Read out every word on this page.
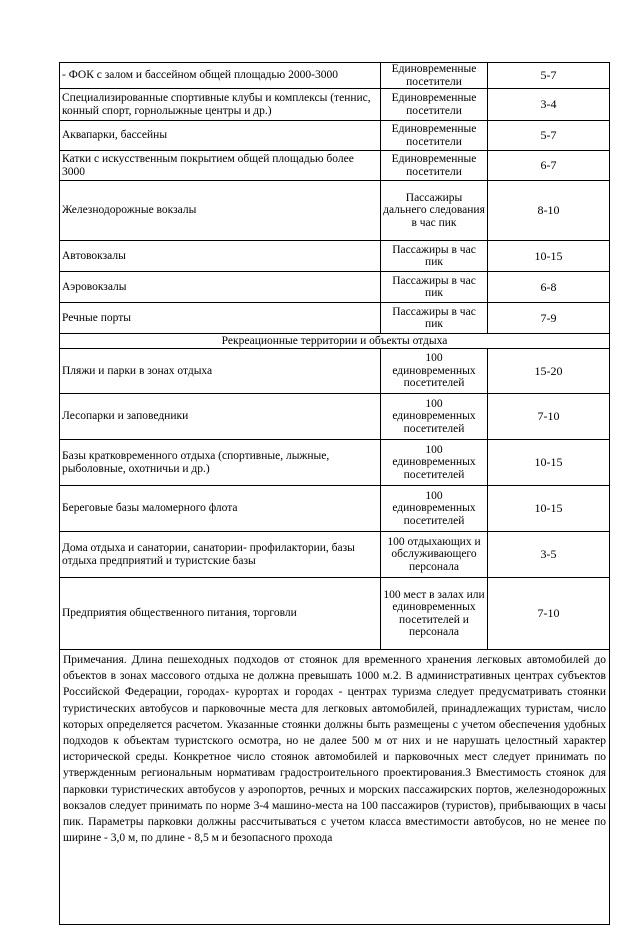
- ФОК с залом и бассейном общей площадью 2000-3000	Единовременные посетители	5-7
Специализированные спортивные клубы и комплексы (теннис, конный спорт, горнолыжные центры и др.)	Единовременные посетители	3-4
Аквапарки, бассейны	Единовременные посетители	5-7
Катки с искусственным покрытием общей площадью более 3000	Единовременные посетители	6-7
Железнодорожные вокзалы	Пассажиры дальнего следования в час пик	8-10
Автовокзалы	Пассажиры в час пик	10-15
Аэровокзалы	Пассажиры в час пик	6-8
Речные порты	Пассажиры в час пик	7-9
Рекреационные территории и объекты отдыха		
Пляжи и парки в зонах отдыха	100 единовременных посетителей	15-20
Лесопарки и заповедники	100 единовременных посетителей	7-10
Базы кратковременного отдыха (спортивные, лыжные, рыболовные, охотничьи и др.)	100 единовременных посетителей	10-15
Береговые базы маломерного флота	100 единовременных посетителей	10-15
Дома отдыха и санатории, санатории- профилактории, базы отдыха предприятий и туристские базы	100 отдыхающих и обслуживающего персонала	3-5
Предприятия общественного питания, торговли	100 мест в залах или единовременных посетителей и персонала	7-10
Примечания. Длина пешеходных подходов от стоянок для временного хранения легковых автомобилей до объектов в зонах массового отдыха не должна превышать 1000 м.2. В административных центрах субъектов Российской Федерации, городах- курортах и городах - центрах туризма следует предусматривать стоянки туристических автобусов и парковочные места для легковых автомобилей, принадлежащих туристам, число которых определяется расчетом. Указанные стоянки должны быть размещены с учетом обеспечения удобных подходов к объектам туристского осмотра, но не далее 500 м от них и не нарушать целостный характер исторической среды. Конкретное число стоянок автомобилей и парковочных мест следует принимать по утвержденным региональным нормативам градостроительного проектирования.3 Вместимость стоянок для парковки туристических автобусов у аэропортов, речных и морских пассажирских портов, железнодорожных вокзалов следует принимать по норме 3-4 машино-места на 100 пассажиров (туристов), прибывающих в часы пик. Параметры парковки должны рассчитываться с учетом класса вместимости автобусов, но не менее по ширине - 3,0 м, по длине - 8,5 м и безопасного прохода		
